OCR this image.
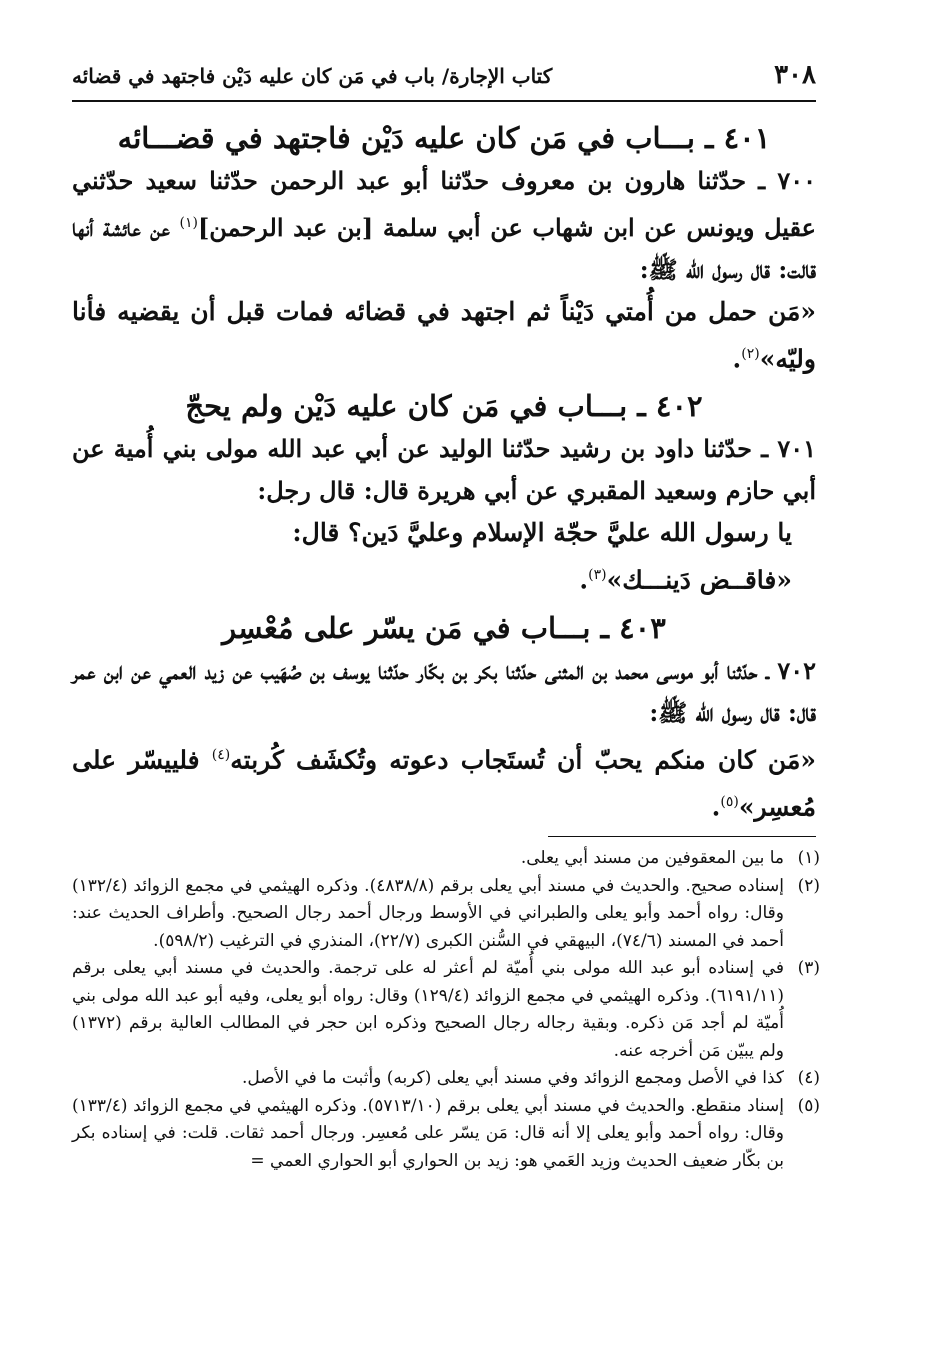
٣٠٨
كتاب الإجارة/ باب في مَن كان عليه دَيْن فاجتهد في قضائه
٤٠١ ـ بـــاب في مَن كان عليه دَيْن فاجتهد في قضـــائه

٧٠٠ ـ حدّثنا هارون بن معروف حدّثنا أبو عبد الرحمن حدّثنا سعيد حدّثني عقيل ويونس عن ابن شهاب عن أبي سلمة [بن عبد الرحمن]$^{(١)}$ عن عائشة أنها قالت: قال رسول الله ﷺ:

«مَن حمل من أُمتي دَيْناً ثم اجتهد في قضائه فمات قبل أن يقضيه فأنا وليّه»$^{(٢)}$.

٤٠٢ ـ بـــاب في مَن كان عليه دَيْن ولم يحجّ

٧٠١ ـ حدّثنا داود بن رشيد حدّثنا الوليد عن أبي عبد الله مولى بني أُمية عن أبي حازم وسعيد المقبري عن أبي هريرة قال: قال رجل:

يا رسول الله عليَّ حجّة الإسلام وعليَّ دَين؟ قال:

«فاقــض دَينـــك»$^{(٣)}$.

٤٠٣ ـ بـــاب في مَن يسّر على مُعْسِر

٧٠٢ ـ حدّثنا أبو موسى محمد بن المثنى حدّثنا بكر بن بكّار حدّثنا يوسف بن صُهَيب عن زيد العمي عن ابن عمر قال: قال رسول الله ﷺ:

«مَن كان منكم يحبّ أن تُستَجاب دعوته وتُكشَف كُربته$^{(٤)}$ فلييسّر على مُعسِر»$^{(٥)}$.

(١)ما بين المعقوفين من مسند أبي يعلى.

(٢)إسناده صحيح. والحديث في مسند أبي يعلى برقم (٤٨٣٨/٨). وذكره الهيثمي في مجمع الزوائد (١٣٢/٤) وقال: رواه أحمد وأبو يعلى والطبراني في الأوسط ورجال أحمد رجال الصحيح. وأطراف الحديث عند: أحمد في المسند (٧٤/٦)، البيهقي في السُّنن الكبرى (٢٢/٧)، المنذري في الترغيب (٥٩٨/٢).

(٣)في إسناده أبو عبد الله مولى بني أُميّة لم أعثر له على ترجمة. والحديث في مسند أبي يعلى برقم (٦١٩١/١١). وذكره الهيثمي في مجمع الزوائد (١٢٩/٤) وقال: رواه أبو يعلى، وفيه أبو عبد الله مولى بني أُميّة لم أجد مَن ذكره. وبقية رجاله رجال الصحيح وذكره ابن حجر في المطالب العالية برقم (١٣٧٢) ولم يبيّن مَن أخرجه عنه.

(٤)كذا في الأصل ومجمع الزوائد وفي مسند أبي يعلى (كربه) وأثبت ما في الأصل.

(٥)إسناد منقطع. والحديث في مسند أبي يعلى برقم (٥٧١٣/١٠). وذكره الهيثمي في مجمع الزوائد (١٣٣/٤) وقال: رواه أحمد وأبو يعلى إلا أنه قال: مَن يسّر على مُعسِر. ورجال أحمد ثقات. قلت: في إسناده بكر بن بكّار ضعيف الحديث وزيد العَمي هو: زيد بن الحواري أبو الحواري العمي =
